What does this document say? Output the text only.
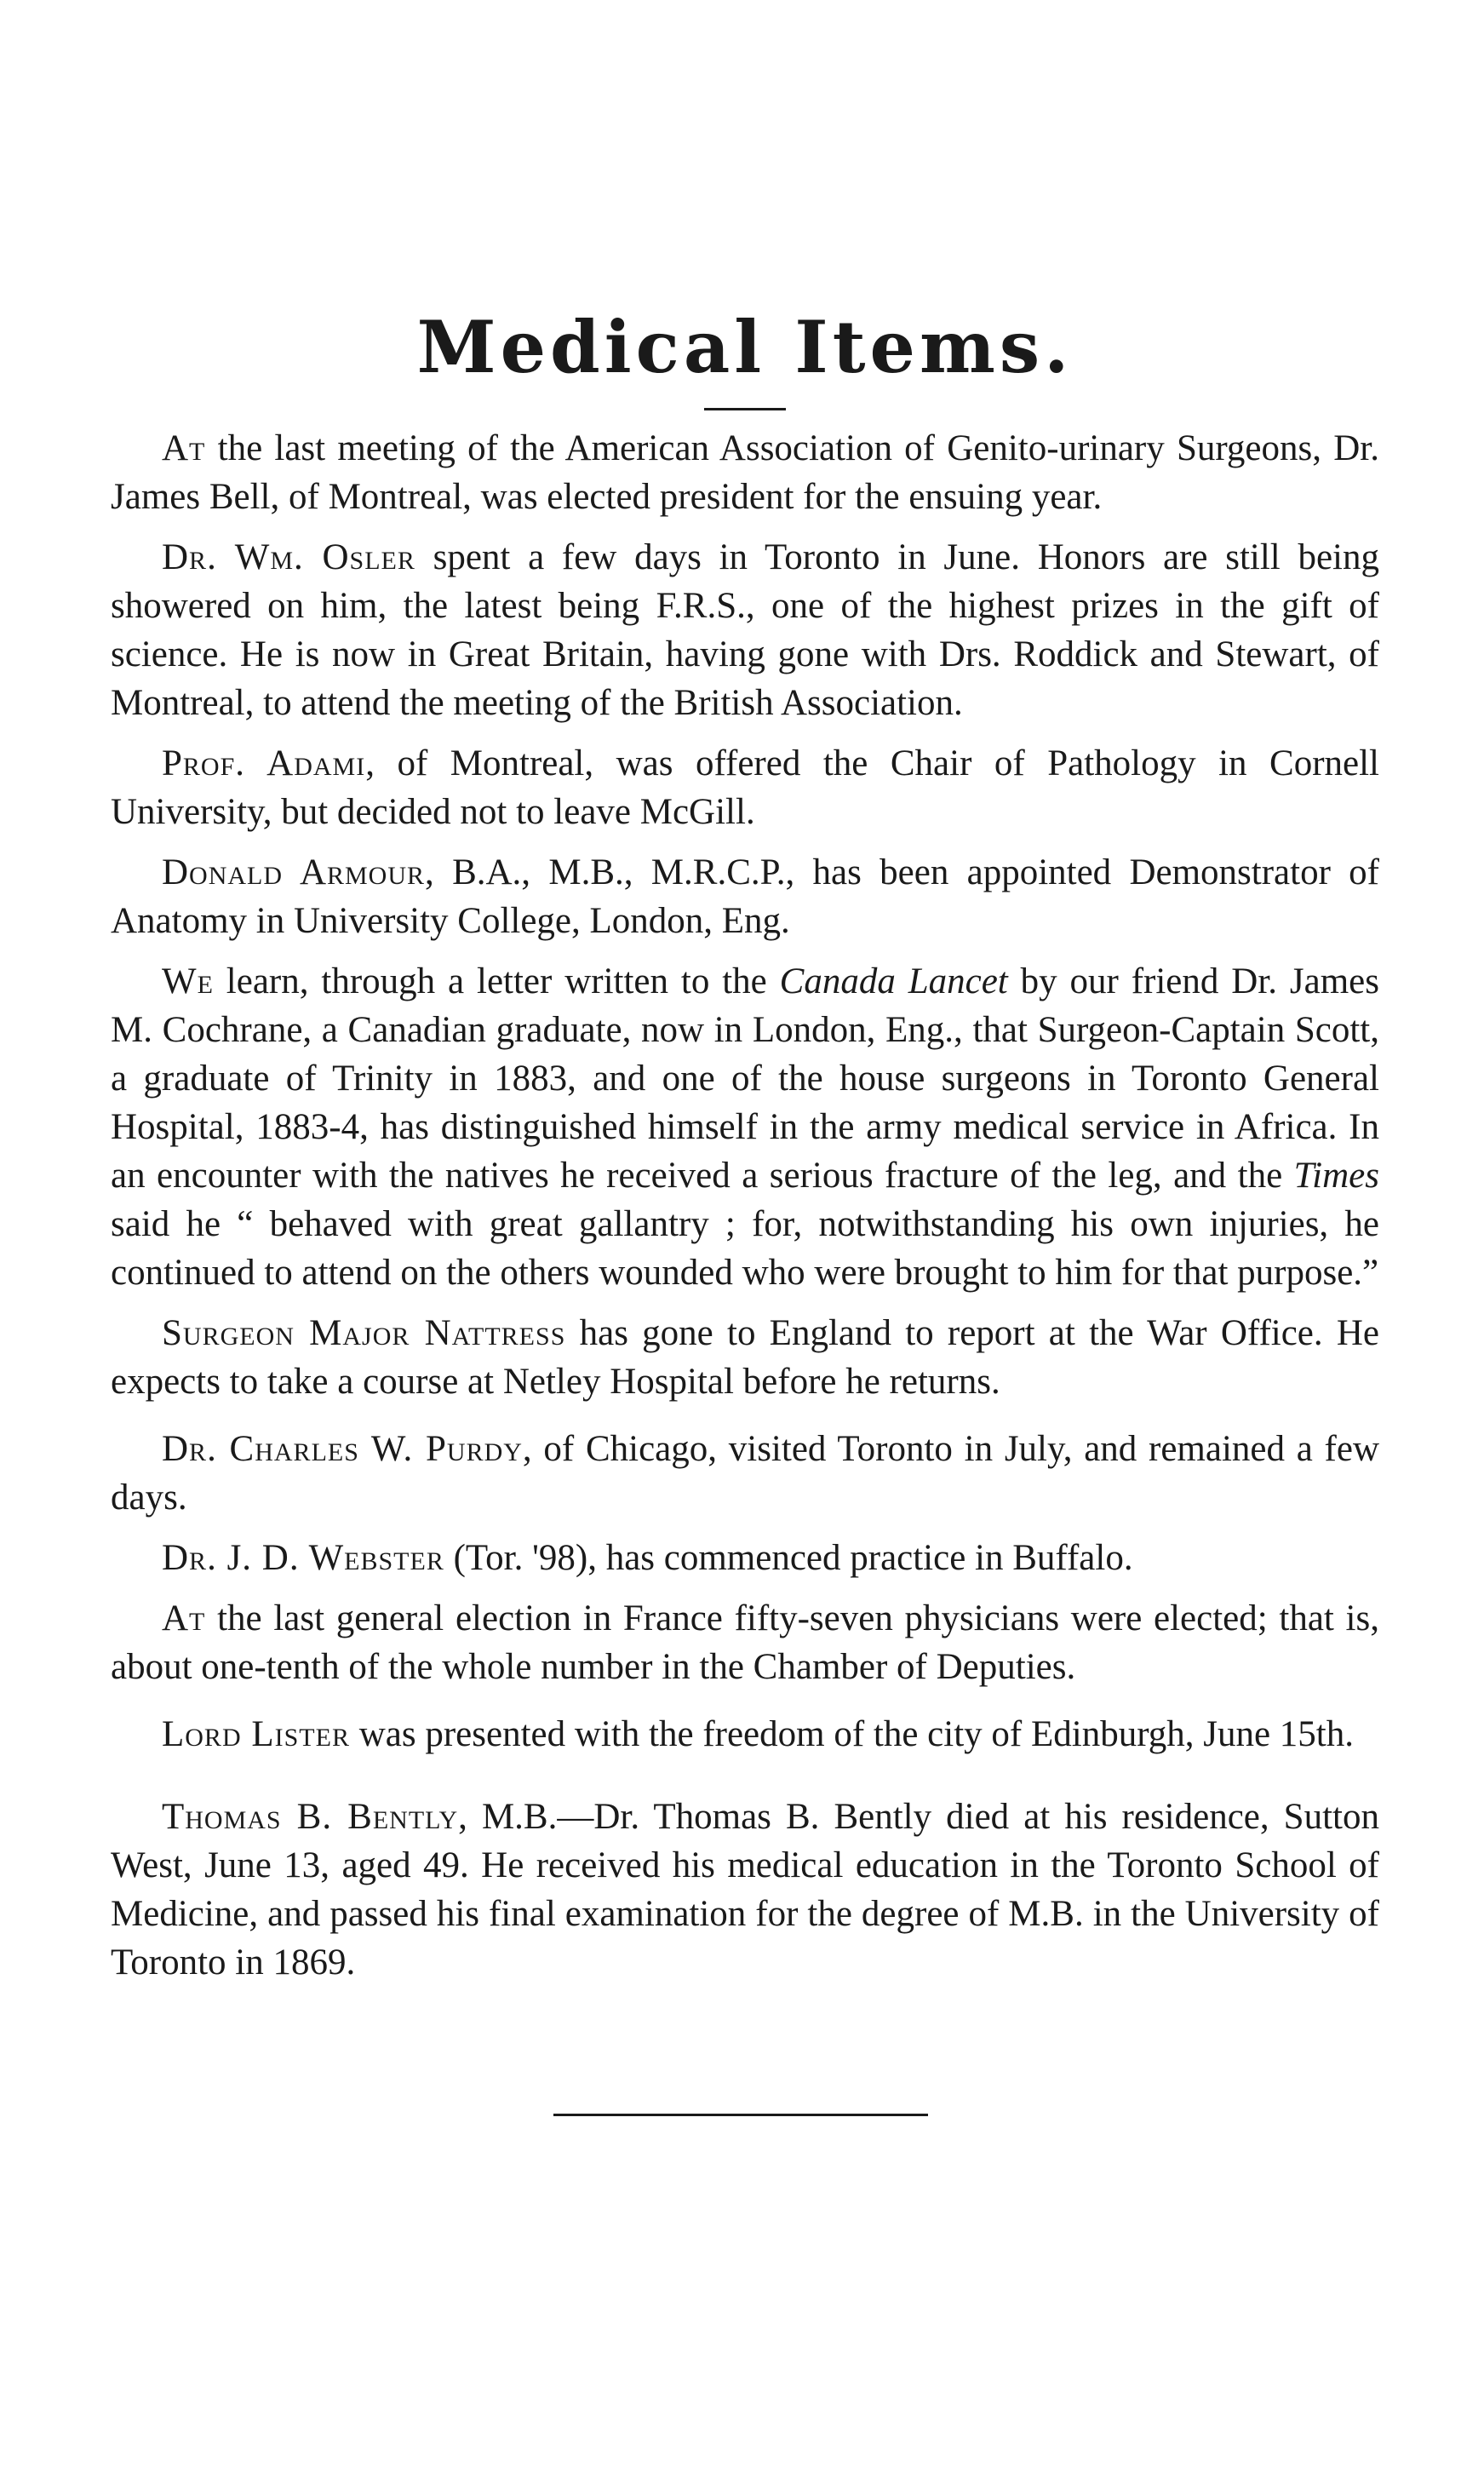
Medical Items.

At the last meeting of the American Association of Genito-urinary Surgeons, Dr. James Bell, of Montreal, was elected president for the ensuing year.

Dr. Wm. Osler spent a few days in Toronto in June. Honors are still being showered on him, the latest being F.R.S., one of the highest prizes in the gift of science. He is now in Great Britain, having gone with Drs. Roddick and Stewart, of Montreal, to attend the meeting of the British Association.

Prof. Adami, of Montreal, was offered the Chair of Pathology in Cornell University, but decided not to leave McGill.

Donald Armour, B.A., M.B., M.R.C.P., has been appointed Demonstrator of Anatomy in University College, London, Eng.

We learn, through a letter written to the Canada Lancet by our friend Dr. James M. Cochrane, a Canadian graduate, now in London, Eng., that Surgeon-Captain Scott, a graduate of Trinity in 1883, and one of the house surgeons in Toronto General Hospital, 1883-4, has distinguished himself in the army medical service in Africa. In an encounter with the natives he received a serious fracture of the leg, and the Times said he “ behaved with great gallantry ; for, notwithstanding his own injuries, he continued to attend on the others wounded who were brought to him for that purpose.”

Surgeon Major Nattress has gone to England to report at the War Office. He expects to take a course at Netley Hospital before he returns.

Dr. Charles W. Purdy, of Chicago, visited Toronto in July, and remained a few days.

Dr. J. D. Webster (Tor. '98), has commenced practice in Buffalo.

At the last general election in France fifty-seven physicians were elected; that is, about one-tenth of the whole number in the Chamber of Deputies.

Lord Lister was presented with the freedom of the city of Edinburgh, June 15th.

Thomas B. Bently, M.B.—Dr. Thomas B. Bently died at his residence, Sutton West, June 13, aged 49. He received his medical education in the Toronto School of Medicine, and passed his final examination for the degree of M.B. in the University of Toronto in 1869.
